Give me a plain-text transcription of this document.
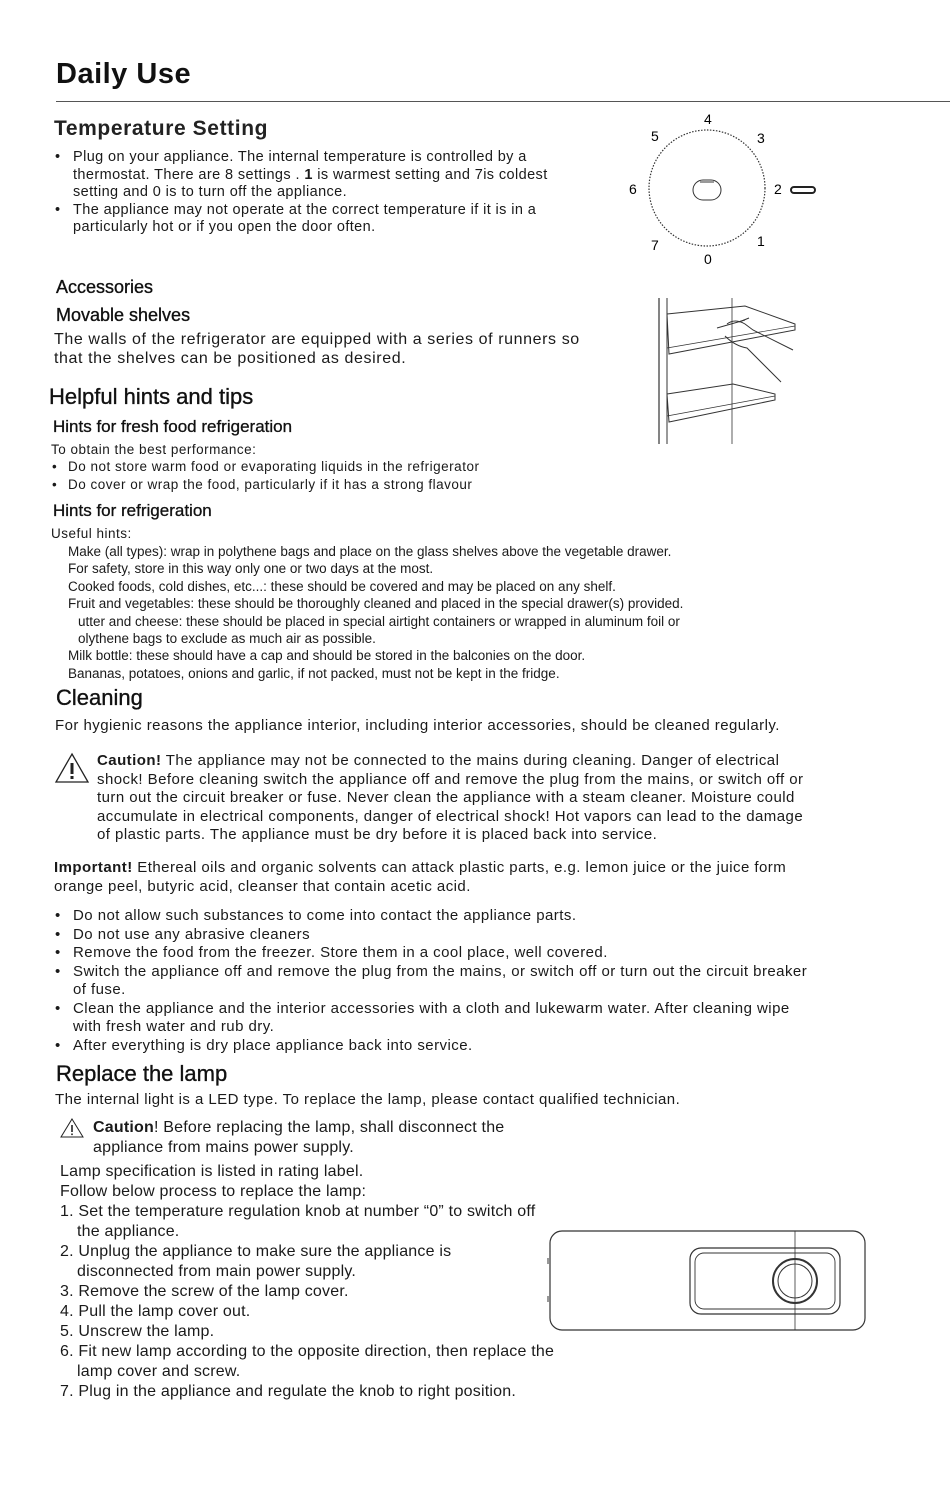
Daily Use
Temperature Setting
• Plug on your appliance. The internal temperature is controlled by a
thermostat. There are 8 settings . 1 is warmest setting and 7is coldest
setting and 0 is to turn off the appliance.
• The appliance may not operate at the correct temperature if it is in a
particularly hot or if you open the door often.
4
3
2
1
0
7
6
5
Accessories
Movable shelves
The walls of the refrigerator are equipped with a series of runners so
that the shelves can be positioned as desired.
Helpful hints and tips
Hints for fresh food refrigeration
To obtain the best performance:
• Do not store warm food or evaporating liquids in the refrigerator
• Do cover or wrap the food, particularly if it has a strong flavour
Hints for refrigeration
Useful hints:
Make (all types): wrap in polythene bags and place on the glass shelves above the vegetable drawer.
For safety, store in this way only one or two days at the most.
Cooked foods, cold dishes, etc...: these should be covered and may be placed on any shelf.
Fruit and vegetables: these should be thoroughly cleaned and placed in the special drawer(s) provided.
utter and cheese: these should be placed in special airtight containers or wrapped in aluminum foil or
olythene bags to exclude as much air as possible.
Milk bottle: these should have a cap and should be stored in the balconies on the door.
Bananas, potatoes, onions and garlic, if not packed, must not be kept in the fridge.
Cleaning
For hygienic reasons the appliance interior, including interior accessories, should be cleaned regularly.
Caution! The appliance may not be connected to the mains during cleaning. Danger of electrical
shock! Before cleaning switch the appliance off and remove the plug from the mains, or switch off or
turn out the circuit breaker or fuse. Never clean the appliance with a steam cleaner. Moisture could
accumulate in electrical components, danger of electrical shock! Hot vapors can lead to the damage
of plastic parts. The appliance must be dry before it is placed back into service.
Important! Ethereal oils and organic solvents can attack plastic parts, e.g. lemon juice or the juice form
orange peel, butyric acid, cleanser that contain acetic acid.
• Do not allow such substances to come into contact the appliance parts.
• Do not use any abrasive cleaners
• Remove the food from the freezer. Store them in a cool place, well covered.
• Switch the appliance off and remove the plug from the mains, or switch off or turn out the circuit breaker
of fuse.
• Clean the appliance and the interior accessories with a cloth and lukewarm water. After cleaning wipe
with fresh water and rub dry.
• After everything is dry place appliance back into service.
Replace the lamp
The internal light is a LED type. To replace the lamp, please contact qualified technician.
Caution! Before replacing the lamp, shall disconnect the
appliance from mains power supply.
Lamp specification is listed in rating label.
Follow below process to replace the lamp:
1. Set the temperature regulation knob at number “0” to switch off
the appliance.
2. Unplug the appliance to make sure the appliance is
disconnected from main power supply.
3. Remove the screw of the lamp cover.
4. Pull the lamp cover out.
5. Unscrew the lamp.
6. Fit new lamp according to the opposite direction, then replace the
lamp cover and screw.
7. Plug in the appliance and regulate the knob to right position.
